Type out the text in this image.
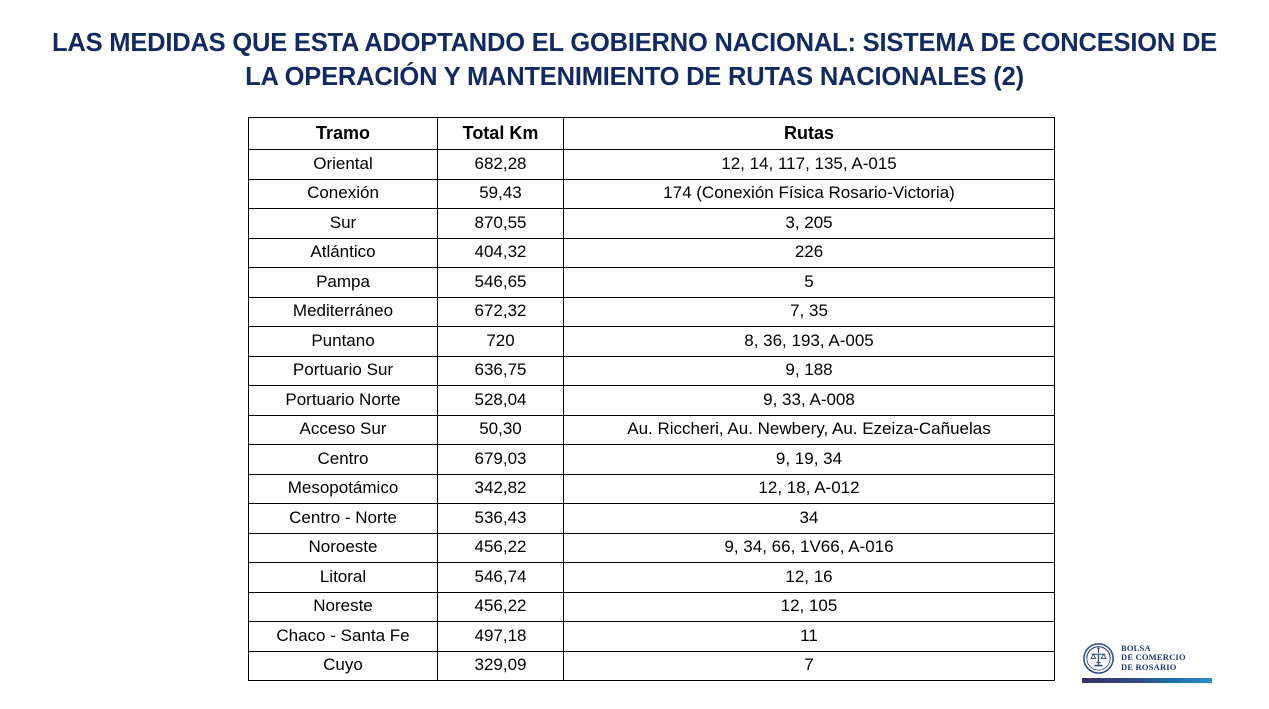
LAS MEDIDAS QUE ESTA ADOPTANDO EL GOBIERNO NACIONAL: SISTEMA DE CONCESION DE
LA OPERACIÓN Y MANTENIMIENTO DE RUTAS NACIONALES (2)
Tramo	Total Km	Rutas
Oriental	682,28	12, 14, 117, 135, A-015
Conexión	59,43	174 (Conexión Física Rosario-Victoria)
Sur	870,55	3, 205
Atlántico	404,32	226
Pampa	546,65	5
Mediterráneo	672,32	7, 35
Puntano	720	8, 36, 193, A-005
Portuario Sur	636,75	9, 188
Portuario Norte	528,04	9, 33, A-008
Acceso Sur	50,30	Au. Riccheri, Au. Newbery, Au. Ezeiza-Cañuelas
Centro	679,03	9, 19, 34
Mesopotámico	342,82	12, 18, A-012
Centro - Norte	536,43	34
Noroeste	456,22	9, 34, 66, 1V66, A-016
Litoral	546,74	12, 16
Noreste	456,22	12, 105
Chaco - Santa Fe	497,18	11
Cuyo	329,09	7
BOLSA
DE COMERCIO
DE ROSARIO
